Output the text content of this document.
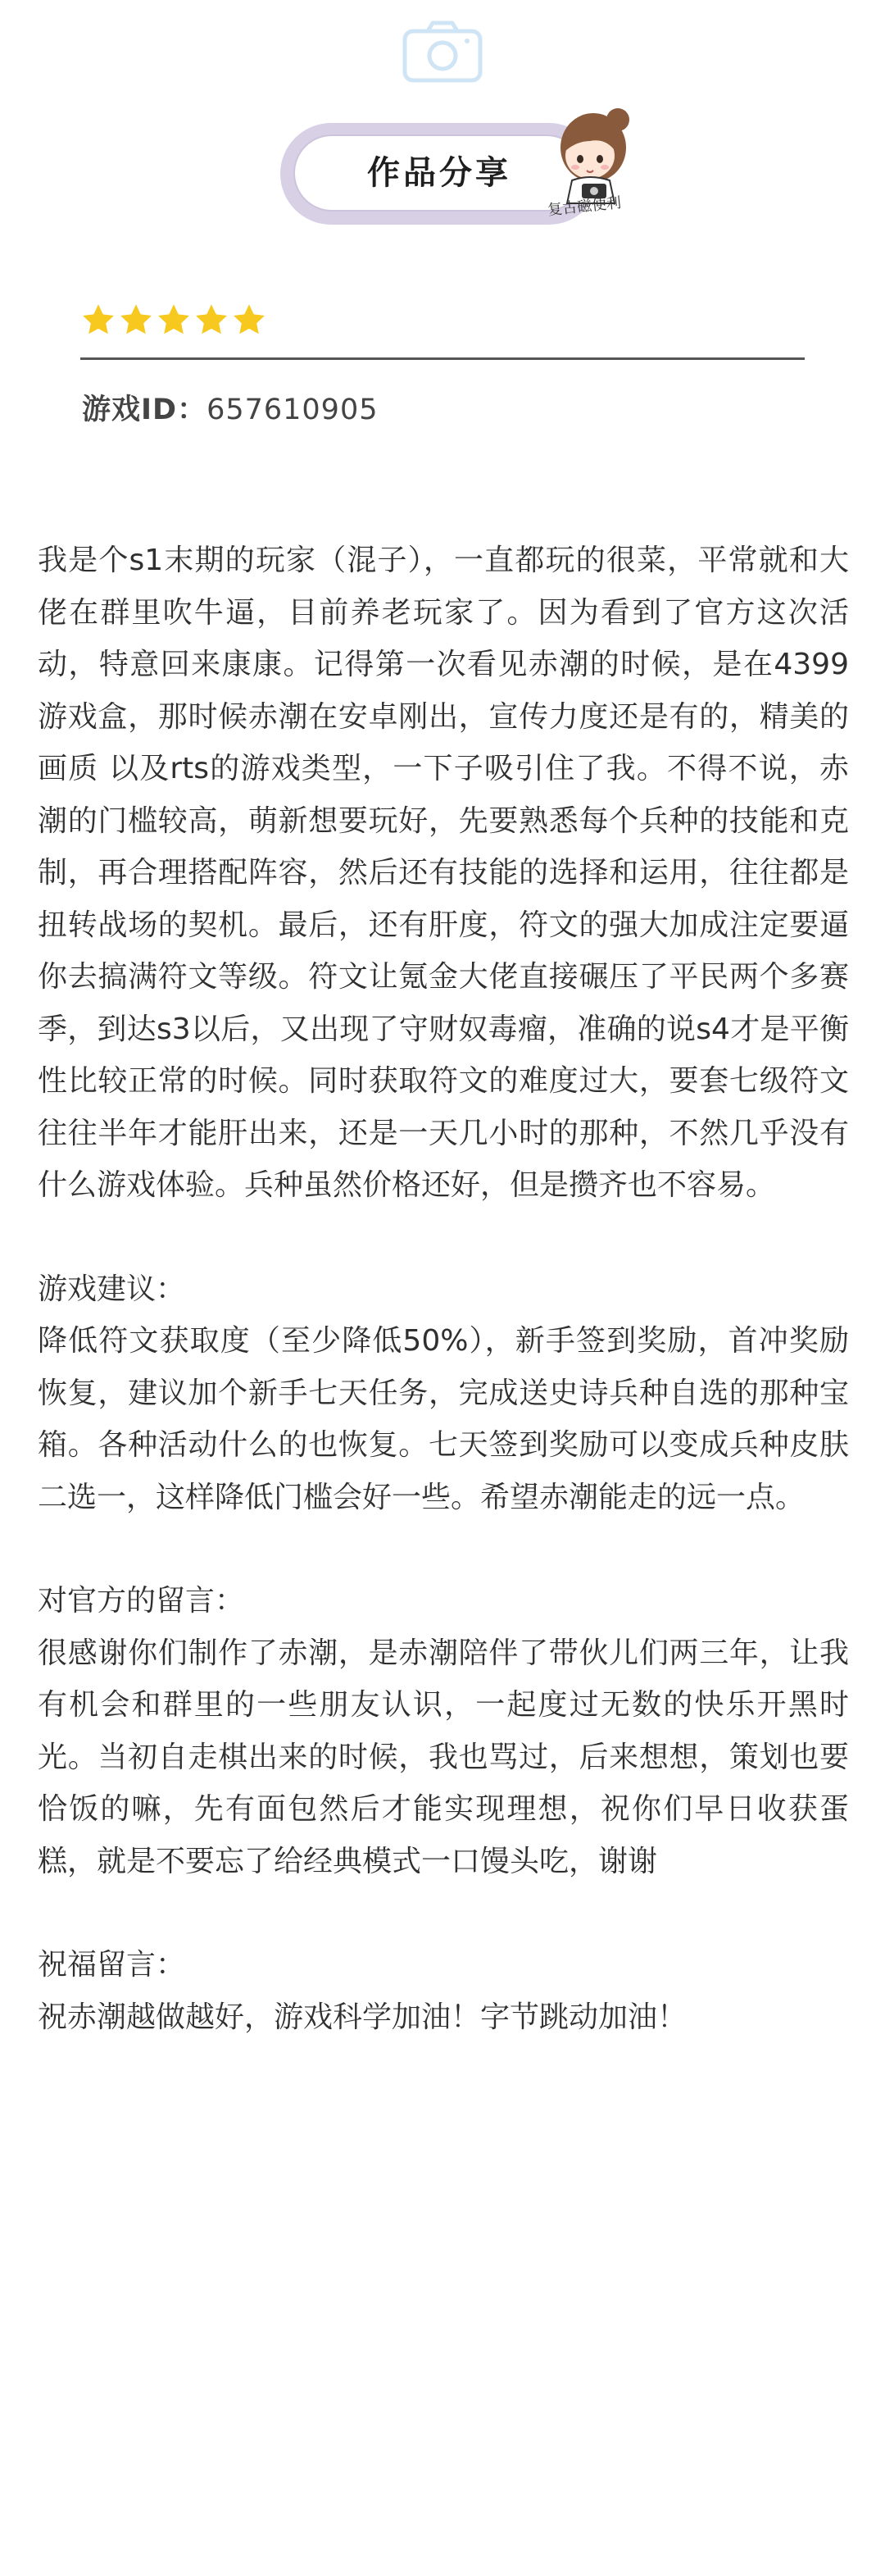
作品分享
复古磁便利
游戏ID：657610905

我是个s1末期的玩家（混子），一直都玩的很菜，平常就和大佬在群里吹牛逼，目前养老玩家了。因为看到了官方这次活动，特意回来康康。记得第一次看见赤潮的时候，是在4399游戏盒，那时候赤潮在安卓刚出，宣传力度还是有的，精美的画质 以及rts的游戏类型，一下子吸引住了我。不得不说，赤潮的门槛较高，萌新想要玩好，先要熟悉每个兵种的技能和克制，再合理搭配阵容，然后还有技能的选择和运用，往往都是扭转战场的契机。最后，还有肝度，符文的强大加成注定要逼你去搞满符文等级。符文让氪金大佬直接碾压了平民两个多赛季，到达s3以后，又出现了守财奴毒瘤，准确的说s4才是平衡性比较正常的时候。同时获取符文的难度过大，要套七级符文往往半年才能肝出来，还是一天几小时的那种，不然几乎没有什么游戏体验。兵种虽然价格还好，但是攒齐也不容易。

游戏建议：

降低符文获取度（至少降低50%），新手签到奖励，首冲奖励恢复，建议加个新手七天任务，完成送史诗兵种自选的那种宝箱。各种活动什么的也恢复。七天签到奖励可以变成兵种皮肤二选一，这样降低门槛会好一些。希望赤潮能走的远一点。

对官方的留言：

很感谢你们制作了赤潮，是赤潮陪伴了带伙儿们两三年，让我有机会和群里的一些朋友认识，一起度过无数的快乐开黑时光。当初自走棋出来的时候，我也骂过，后来想想，策划也要恰饭的嘛，先有面包然后才能实现理想，祝你们早日收获蛋糕，就是不要忘了给经典模式一口馒头吃，谢谢

祝福留言：

祝赤潮越做越好，游戏科学加油！字节跳动加油！
